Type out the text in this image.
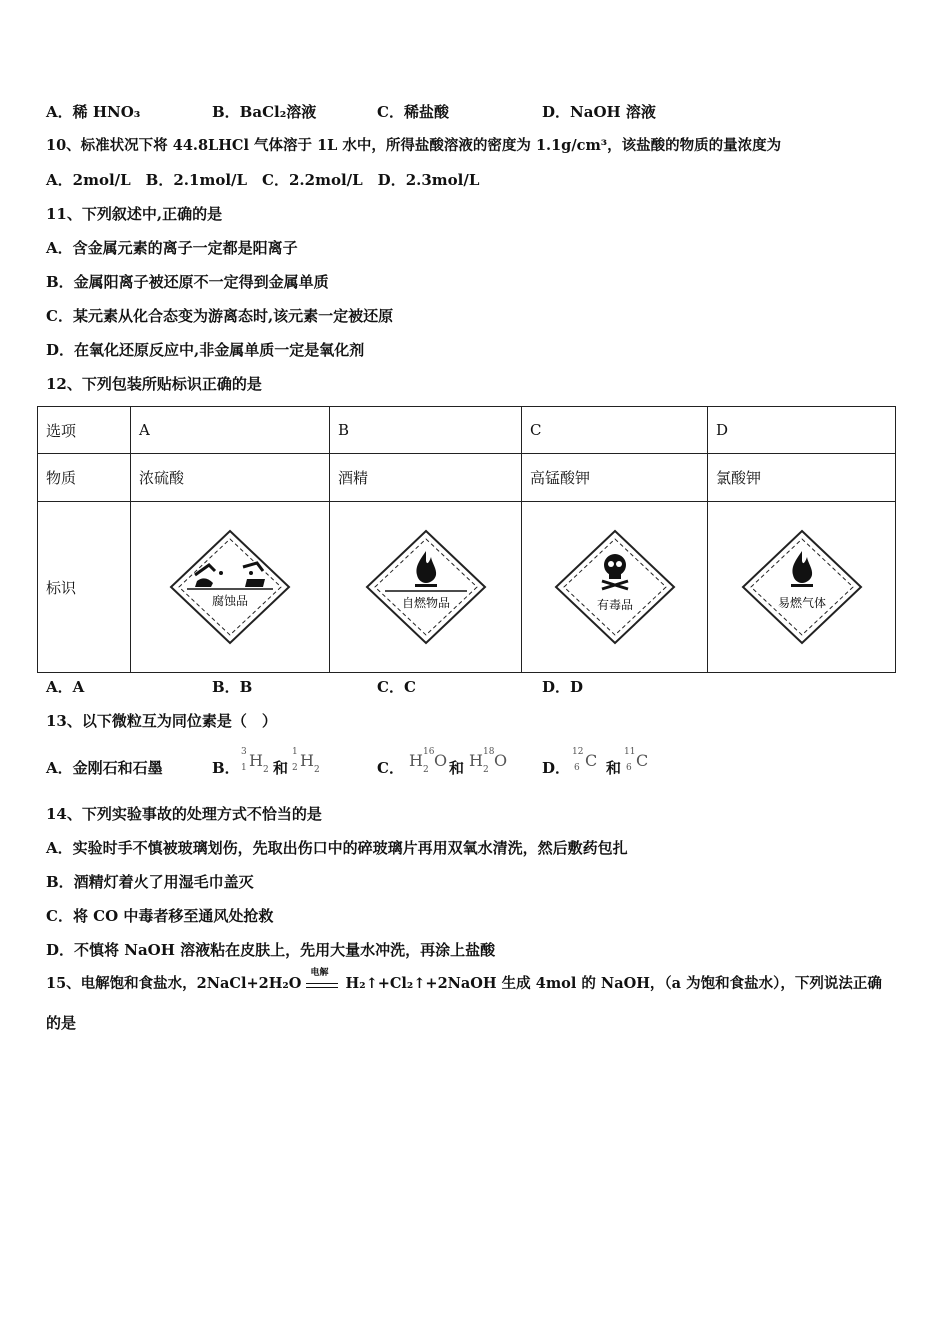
A．稀 HNO₃	B．BaCl₂溶液	C．稀盐酸	D．NaOH 溶液
10、标准状况下将 44.8LHCl 气体溶于 1L 水中，所得盐酸溶液的密度为 1.1g/cm³，该盐酸的物质的量浓度为
A．2mol/L　B．2.1mol/L　C．2.2mol/L　D．2.3mol/L
11、下列叙述中,正确的是
A．含金属元素的离子一定都是阳离子
B．金属阳离子被还原不一定得到金属单质
C．某元素从化合态变为游离态时,该元素一定被还原
D．在氧化还原反应中,非金属单质一定是氧化剂
12、下列包装所贴标识正确的是
选项	A	B	C	D
物质	浓硫酸	酒精	高锰酸钾	氯酸钾
标识	腐蚀品	自燃物品	有毒品	易燃气体
A．A	B．B	C．C	D．D
13、以下微粒互为同位素是（　）
A．金刚石和石墨	B．
3
1 H 2
1
2 H 2
和	C． H 2
16 O H 2
18 O
和	D．
12
6 C	11
6 C
和
14、下列实验事故的处理方式不恰当的是
A．实验时手不慎被玻璃划伤，先取出伤口中的碎玻璃片再用双氧水清洗，然后敷药包扎
B．酒精灯着火了用湿毛巾盖灭
C．将 CO 中毒者移至通风处抢救
D．不慎将 NaOH 溶液粘在皮肤上，先用大量水冲洗，再涂上盐酸
15、电解饱和食盐水，2NaCl+2H₂O
电解
H₂↑+Cl₂↑+2NaOH 生成 4mol 的 NaOH，（a 为饱和食盐水），下列说法正确
的是
